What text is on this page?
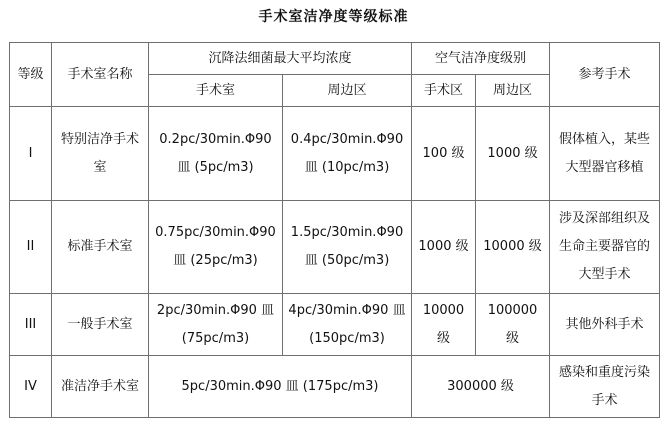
手术室洁净度等级标准
等级	手术室名称	沉降法细菌最大平均浓度		空气洁净度级别		参考手术
		手术室	周边区	手术区	周边区	
I	特别洁净手术室	0.2pc/30min.Φ90 皿 (5pc/m3)	0.4pc/30min.Φ90 皿 (10pc/m3)	100 级	1000 级	假体植入，某些大型器官移植
II	标准手术室	0.75pc/30min.Φ90 皿 (25pc/m3)	1.5pc/30min.Φ90 皿 (50pc/m3)	1000 级	10000 级	涉及深部组织及生命主要器官的大型手术
III	一般手术室	2pc/30min.Φ90 皿 (75pc/m3)	4pc/30min.Φ90 皿 (150pc/m3)	10000 级	100000 级	其他外科手术
IV	准洁净手术室	5pc/30min.Φ90 皿 (175pc/m3)		300000 级		感染和重度污染手术
